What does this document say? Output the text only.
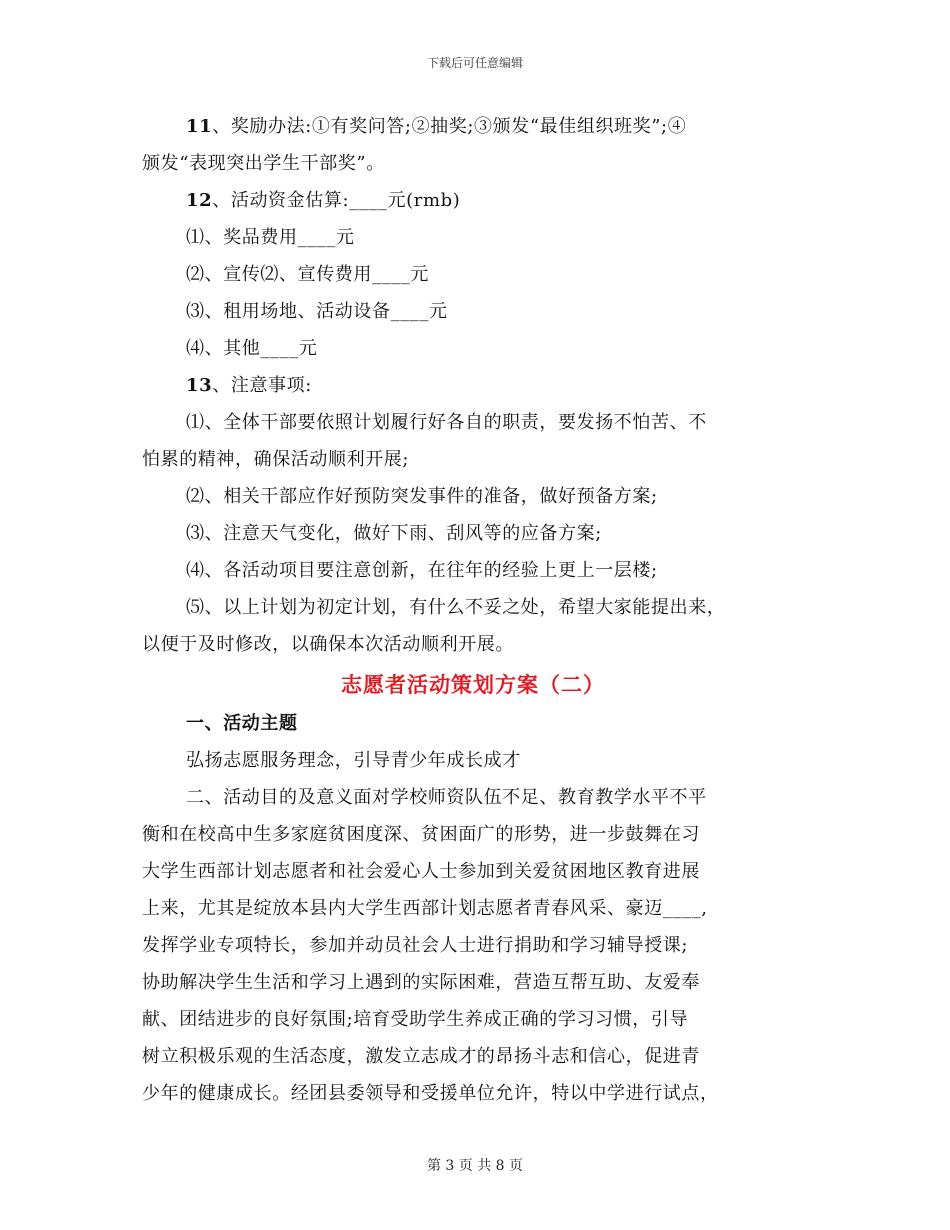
下载后可任意编辑
11、奖励办法:①有奖问答;②抽奖;③颁发“最佳组织班奖”;④
颁发“表现突出学生干部奖”。
12、活动资金估算:____元(rmb)
⑴、奖品费用____元
⑵、宣传⑵、宣传费用____元
⑶、租用场地、活动设备____元
⑷、其他____元
13、注意事项:
⑴、全体干部要依照计划履行好各自的职责，要发扬不怕苦、不
怕累的精神，确保活动顺利开展;
⑵、相关干部应作好预防突发事件的准备，做好预备方案;
⑶、注意天气变化，做好下雨、刮风等的应备方案;
⑷、各活动项目要注意创新，在往年的经验上更上一层楼;
⑸、以上计划为初定计划，有什么不妥之处，希望大家能提出来，
以便于及时修改，以确保本次活动顺利开展。
志愿者活动策划方案（二）
一、活动主题
弘扬志愿服务理念，引导青少年成长成才
二、活动目的及意义面对学校师资队伍不足、教育教学水平不平
衡和在校高中生多家庭贫困度深、贫困面广的形势，进一步鼓舞在习
大学生西部计划志愿者和社会爱心人士参加到关爱贫困地区教育进展
上来，尤其是绽放本县内大学生西部计划志愿者青春风采、豪迈____,
发挥学业专项特长，参加并动员社会人士进行捐助和学习辅导授课;
协助解决学生生活和学习上遇到的实际困难，营造互帮互助、友爱奉
献、团结进步的良好氛围;培育受助学生养成正确的学习习惯，引导
树立积极乐观的生活态度，激发立志成才的昂扬斗志和信心，促进青
少年的健康成长。经团县委领导和受援单位允许，特以中学进行试点，
第 3 页 共 8 页
